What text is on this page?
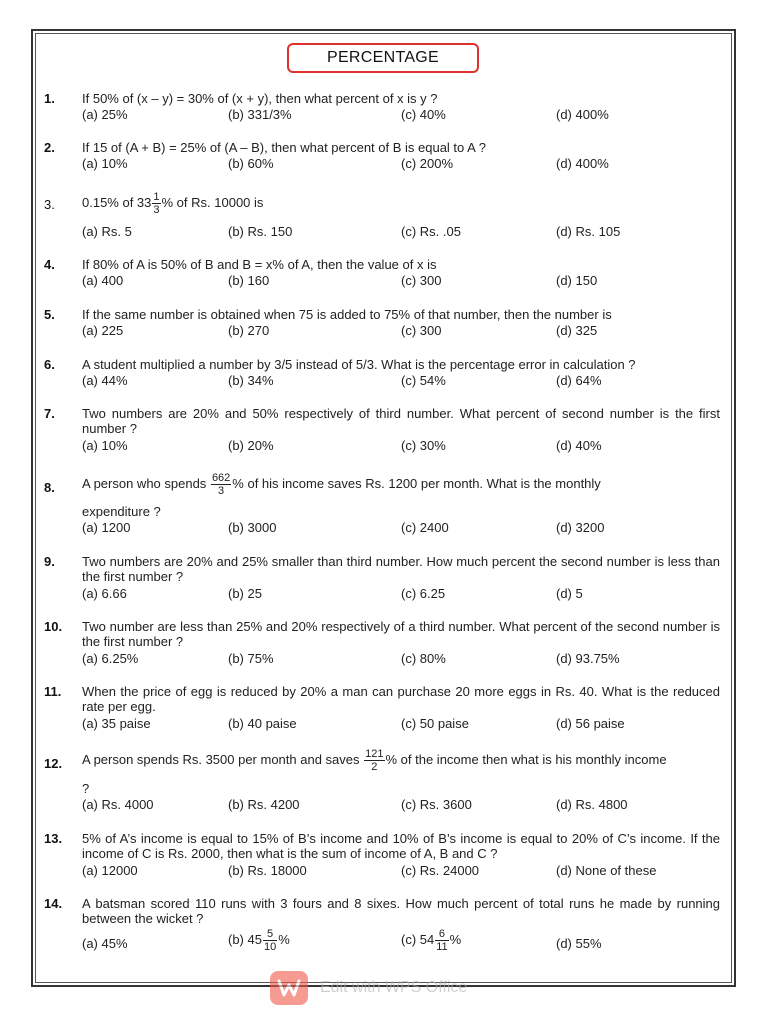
PERCENTAGE
1. If 50% of (x – y) = 30% of (x + y), then what percent of x is y ?
(a) 25%	(b) 331/3%	(c) 40%	(d) 400%
2. If 15 of (A + B) = 25% of (A – B), then what percent of B is equal to A ?
(a) 10%	(b) 60%	(c) 200%	(d) 400%
3. 0.15% of $33 \frac{1}{3}$ % of Rs. 10000 is
(a) Rs. 5	(b) Rs. 150	(c) Rs. .05	(d) Rs. 105
4. If 80% of A is 50% of B and B = x% of A, then the value of x is
(a) 400	(b) 160	(c) 300	(d) 150
5. If the same number is obtained when 75 is added to 75% of that number, then the number is
(a) 225	(b) 270	(c) 300	(d) 325
6. A student multiplied a number by 3/5 instead of 5/3. What is the percentage error in calculation ?
(a) 44%	(b) 34%	(c) 54%	(d) 64%
7. Two numbers are 20% and 50% respectively of third number. What percent of second number is the first number ?
(a) 10%	(b) 20%	(c) 30%	(d) 40%
8. A person who spends $\frac{662}{3}$ % of his income saves Rs. 1200 per month. What is the monthly
expenditure ?
(a) 1200	(b) 3000	(c) 2400	(d) 3200
9. Two numbers are 20% and 25% smaller than third number. How much percent the second number is less than the first number ?
(a) 6.66	(b) 25	(c) 6.25	(d) 5
10. Two number are less than 25% and 20% respectively of a third number. What percent of the second number is the first number ?
(a) 6.25%	(b) 75%	(c) 80%	(d) 93.75%
11. When the price of egg is reduced by 20% a man can purchase 20 more eggs in Rs. 40. What is the reduced rate per egg.
(a) 35 paise	(b) 40 paise	(c) 50 paise	(d) 56 paise
12. A person spends Rs. 3500 per month and saves $\frac{121}{2}$ % of the income then what is his monthly income
?
(a) Rs. 4000	(b) Rs. 4200	(c) Rs. 3600	(d) Rs. 4800
13. 5% of A’s income is equal to 15% of B’s income and 10% of B’s income is equal to 20% of C’s income. If the income of C is Rs. 2000, then what is the sum of income of A, B and C ?
(a) 12000	(b) Rs. 18000	(c) Rs. 24000	(d) None of these
14. A batsman scored 110 runs with 3 fours and 8 sixes. How much percent of total runs he made by running between the wicket ?
(a) 45%	(b) $45 \frac{5}{10}$ %	(c) $54 \frac{6}{11}$ %	(d) 55%
Edit with WPS Office
